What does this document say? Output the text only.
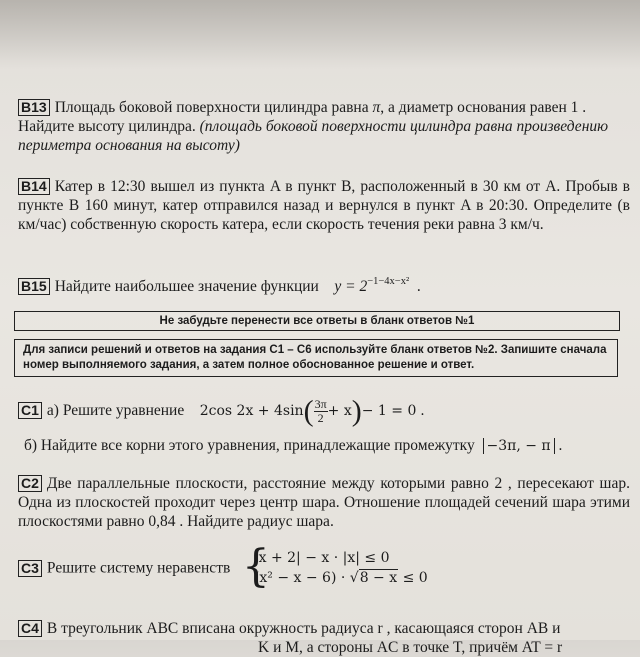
B13 Площадь боковой поверхности цилиндра равна π, а диаметр основания равен 1 .
Найдите высоту цилиндра. (площадь боковой поверхности цилиндра равна произведению периметра основания на высоту)
B14 Катер в 12:30 вышел из пункта A в пункт B, расположенный в 30 км от A. Пробыв в пункте B 160 минут, катер отправился назад и вернулся в пункт A в 20:30. Определите (в км/час) собственную скорость катера, если скорость течения реки равна 3 км/ч.
B15 Найдите наибольшее значение функции $y = 2^{-1-4x-x^2}$ .
Не забудьте перенести все ответы в бланк ответов №1
Для записи решений и ответов на задания С1 – С6 используйте бланк ответов №2. Запишите сначала номер выполняемого задания, а затем полное обоснованное решение и ответ.
C1 а) Решите уравнение 2cos $2x + 4\sin( \frac{3\pi}{2}+ x)- 1 = 0$ .
б) Найдите все корни этого уравнения, принадлежащие промежутку −3π, − π .
C2 Две параллельные плоскости, расстояние между которыми равно 2 , пересекают шар. Одна из плоскостей проходит через центр шара. Отношение площадей сечений шара этими плоскостями равно 0,84 . Найдите радиус шара.
C3 Решите систему неравенств {
|x + 2| − x · |x| ≤ 0
(x² − x − 6) · √8 − x ≤ 0
C4 В треугольник ABC вписана окружность радиуса r , касающаяся сторон AB и
K и M, а стороны AC в точке T, причём AT = r
